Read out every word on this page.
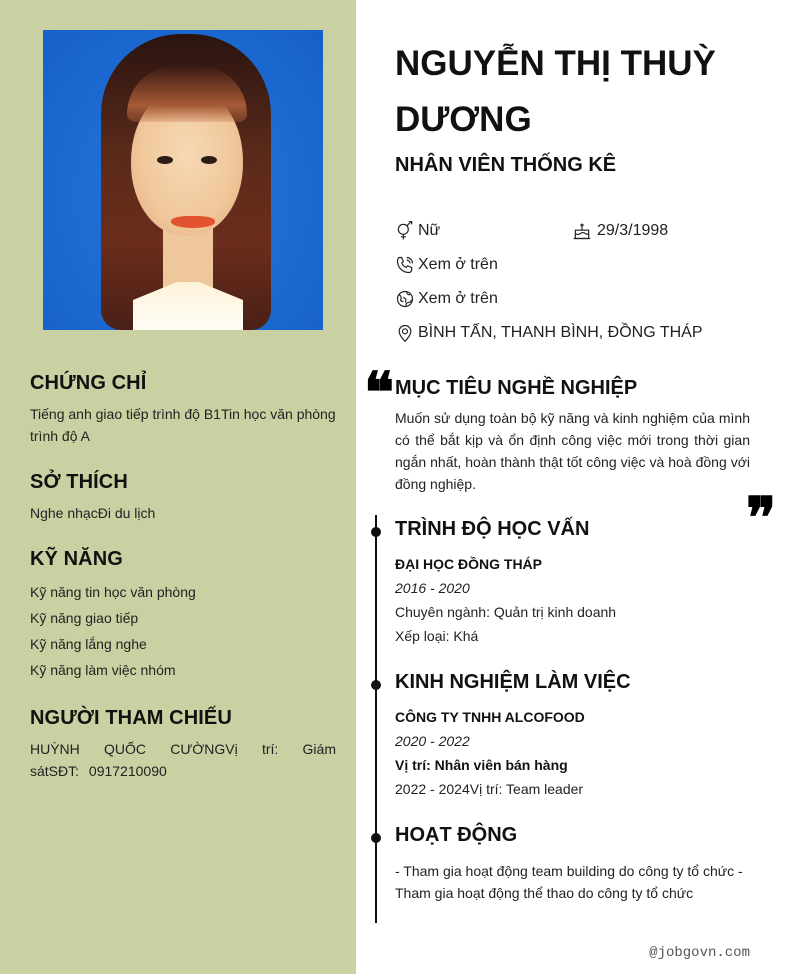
CHỨNG CHỈ
Tiếng anh giao tiếp trình độ B1Tin học văn phòng trình độ A
SỞ THÍCH
Nghe nhạcĐi du lịch
KỸ NĂNG
Kỹ năng tin học văn phòng
Kỹ năng giao tiếp
Kỹ năng lắng nghe
Kỹ năng làm việc nhóm
NGƯỜI THAM CHIẾU
HUỲNH QUỐC CƯỜNGVị trí: Giám sátSĐT: 0917210090
NGUYỄN THỊ THUỲ DƯƠNG
NHÂN VIÊN THỐNG KÊ
Nữ	29/3/1998
Xem ở trên
Xem ở trên
BÌNH TẤN, THANH BÌNH, ĐỒNG THÁP
❝ MỤC TIÊU NGHỀ NGHIỆP
Muốn sử dụng toàn bộ kỹ năng và kinh nghiệm của mình có thể bắt kịp và ổn định công việc mới trong thời gian ngắn nhất, hoàn thành thật tốt công việc và hoà đồng với đồng nghiệp.
❞
TRÌNH ĐỘ HỌC VẤN
ĐẠI HỌC ĐỒNG THÁP
2016 - 2020
Chuyên ngành: Quản trị kinh doanh
Xếp loại: Khá
KINH NGHIỆM LÀM VIỆC
CÔNG TY TNHH ALCOFOOD
2020 - 2022
Vị trí: Nhân viên bán hàng
2022 - 2024Vị trí: Team leader
HOẠT ĐỘNG
- Tham gia hoạt động team building do công ty tổ chức - Tham gia hoạt động thể thao do công ty tổ chức
@jobgovn.com
